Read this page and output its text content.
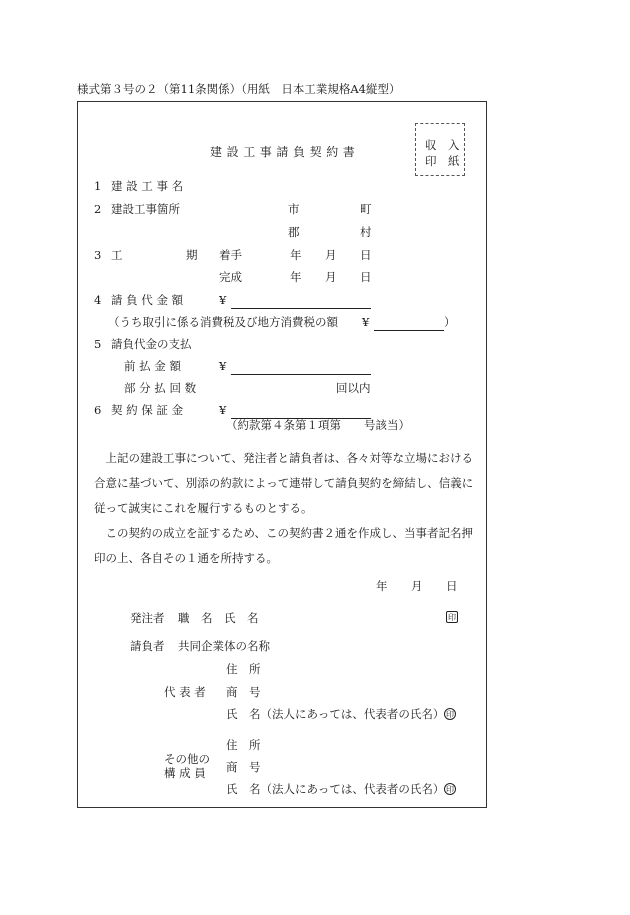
様式第３号の２（第11条関係）（用紙　日本工業規格A4縦型）
収　入
印　紙
建設工事請負契約書
1 建 設 工 事 名
2 建設工事箇所	市	町
郡	村
3 工	期 着手	年 月 日
完成	年 月 日
4 請 負 代 金 額	¥
（うち取引に係る消費税及び地方消費税の額 ¥	）
5 請負代金の支払
前 払 金 額	¥
部 分 払 回 数	回以内
6 契 約 保 証 金	¥
（約款第４条第１項第　　号該当）
　上記の建設工事について、発注者と請負者は、各々対等な立場における合意に基づいて、別添の約款によって連帯して請負契約を締結し、信義に従って誠実にこれを履行するものとする。
　この契約の成立を証するため、この契約書２通を作成し、当事者記名押印の上、各自その１通を所持する。
年 月 日
発注者 職　名　氏　名	印
請負者 共同企業体の名称
住　所
代 表 者 商　号
氏　名（法人にあっては、代表者の氏名） 印
住　所
その他の
構 成 員 商　号
氏　名（法人にあっては、代表者の氏名） 印
